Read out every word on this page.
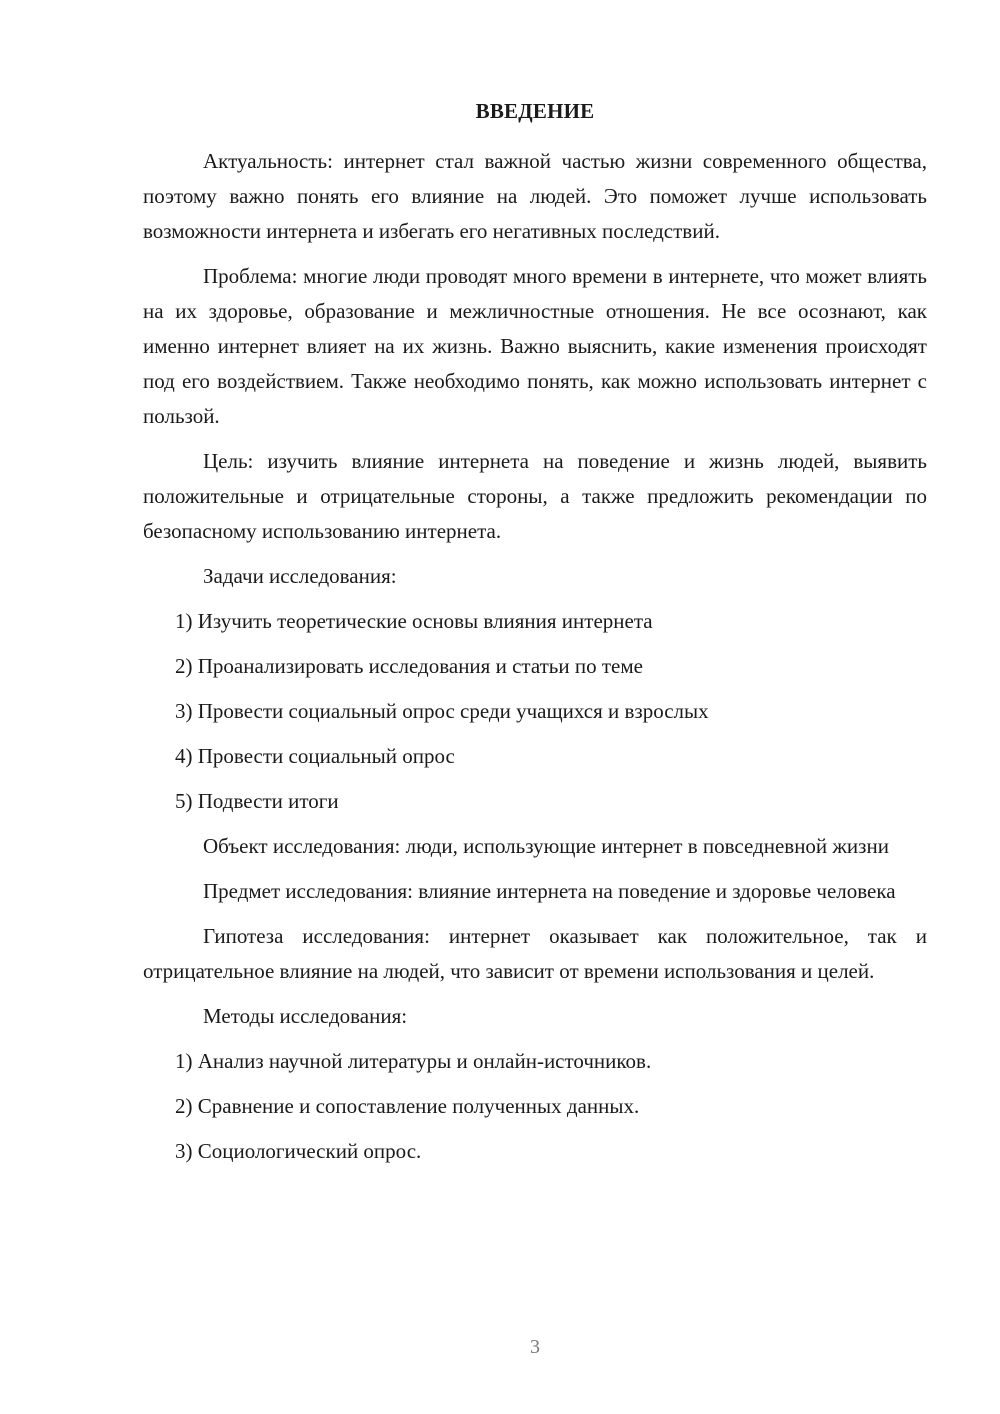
ВВЕДЕНИЕ

Актуальность: интернет стал важной частью жизни современного общества, поэтому важно понять его влияние на людей. Это поможет лучше использовать возможности интернета и избегать его негативных последствий.

Проблема: многие люди проводят много времени в интернете, что может влиять на их здоровье, образование и межличностные отношения. Не все осознают, как именно интернет влияет на их жизнь. Важно выяснить, какие изменения происходят под его воздействием. Также необходимо понять, как можно использовать интернет с пользой.

Цель: изучить влияние интернета на поведение и жизнь людей, выявить положительные и отрицательные стороны, а также предложить рекомендации по безопасному использованию интернета.

Задачи исследования:

1) Изучить теоретические основы влияния интернета
2) Проанализировать исследования и статьи по теме
3) Провести социальный опрос среди учащихся и взрослых
4) Провести социальный опрос
5) Подвести итоги

Объект исследования: люди, использующие интернет в повседневной жизни

Предмет исследования: влияние интернета на поведение и здоровье человека

Гипотеза исследования: интернет оказывает как положительное, так и отрицательное влияние на людей, что зависит от времени использования и целей.

Методы исследования:

1) Анализ научной литературы и онлайн-источников.
2) Сравнение и сопоставление полученных данных.
3) Социологический опрос.
3
